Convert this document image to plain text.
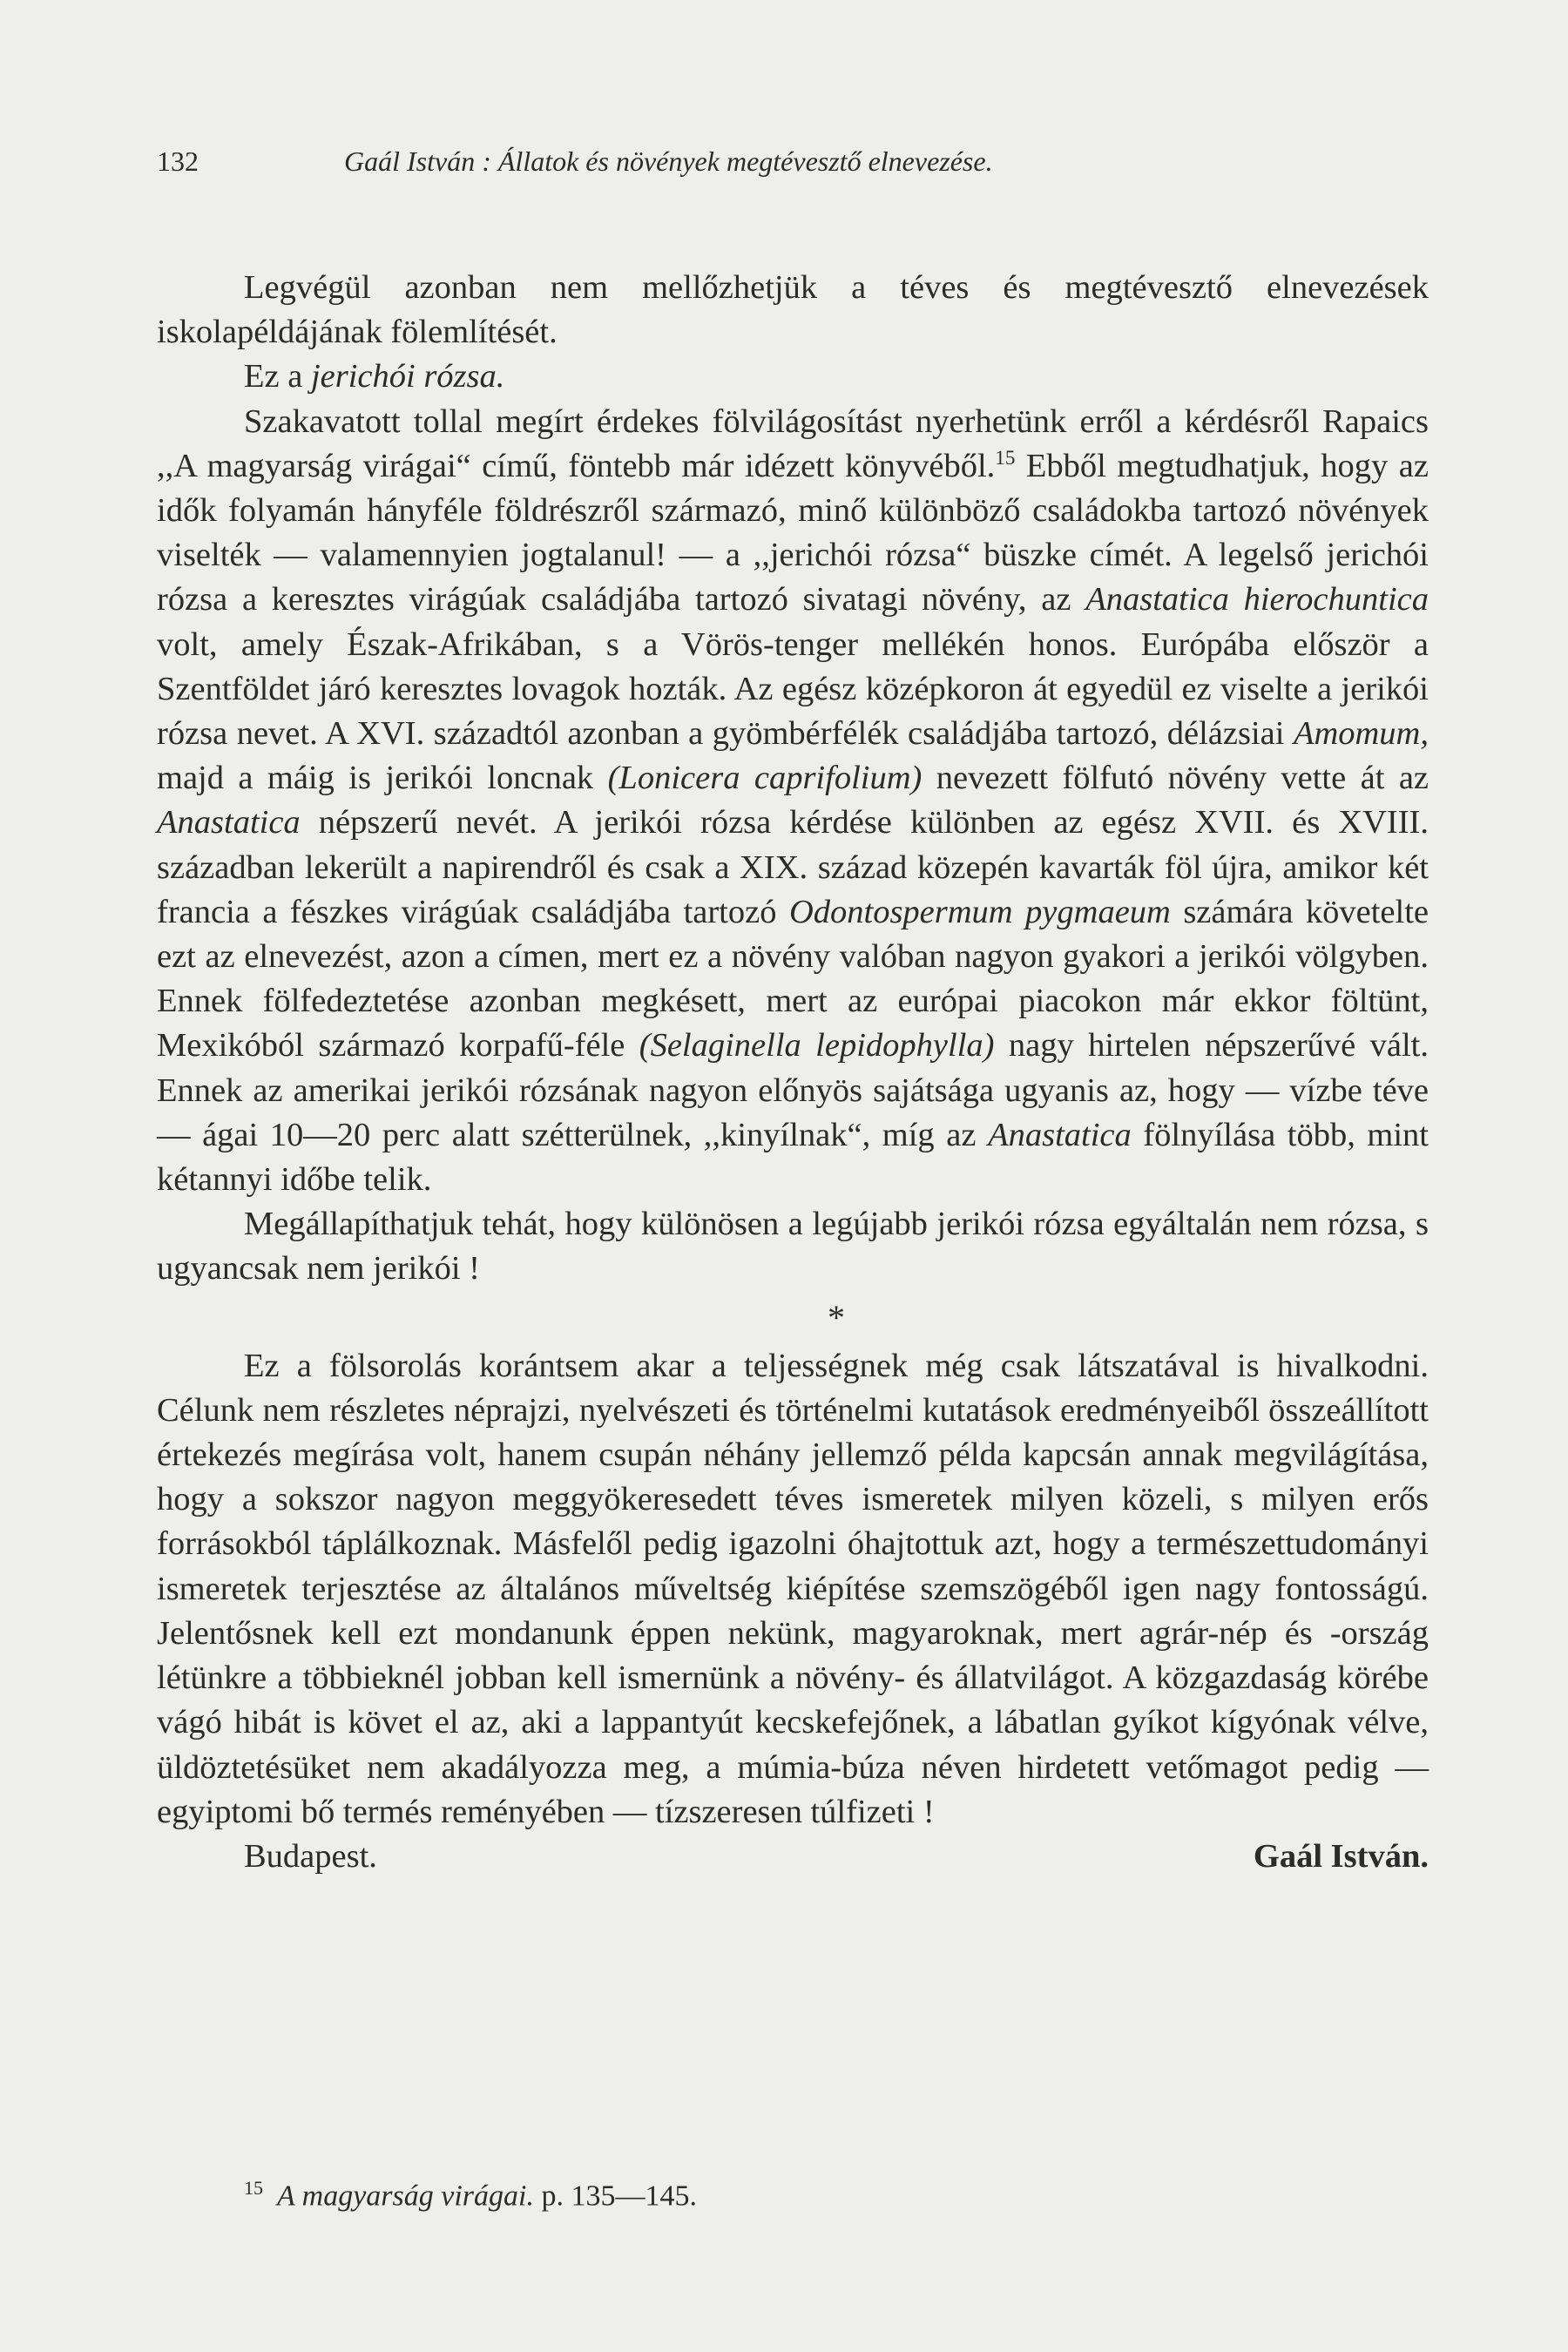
132	Gaál István : Állatok és növények megtévesztő elnevezése.

Legvégül azonban nem mellőzhetjük a téves és megtévesztő elnevezések iskolapéldájának fölemlítését.

Ez a jerichói rózsa.

Szakavatott tollal megírt érdekes fölvilágosítást nyerhetünk erről a kérdésről Rapaics ,,A magyarság virágai“ című, föntebb már idézett könyvéből.$^{15}$ Ebből megtudhatjuk, hogy az idők folyamán hányféle földrészről származó, minő különböző családokba tartozó növények viselték — valamennyien jogtalanul! — a ,,jerichói rózsa“ büszke címét. A legelső jerichói rózsa a keresztes virágúak családjába tartozó sivatagi növény, az Anastatica hierochuntica volt, amely Észak-Afrikában, s a Vörös-tenger mellékén honos. Európába először a Szentföldet járó keresztes lovagok hozták. Az egész középkoron át egyedül ez viselte a jerikói rózsa nevet. A XVI. századtól azonban a gyömbérfélék családjába tartozó, délázsiai Amomum, majd a máig is jerikói loncnak (Lonicera caprifolium) nevezett fölfutó növény vette át az Anastatica népszerű nevét. A jerikói rózsa kérdése különben az egész XVII. és XVIII. században lekerült a napirendről és csak a XIX. század közepén kavarták föl újra, amikor két francia a fészkes virágúak családjába tartozó Odontospermum pygmaeum számára követelte ezt az elnevezést, azon a címen, mert ez a növény valóban nagyon gyakori a jerikói völgyben. Ennek fölfedeztetése azonban megkésett, mert az európai piacokon már ekkor föltünt, Mexikóból származó korpafű-féle (Selaginella lepidophylla) nagy hirtelen népszerűvé vált. Ennek az amerikai jerikói rózsának nagyon előnyös sajátsága ugyanis az, hogy — vízbe téve — ágai 10—20 perc alatt szétterülnek, ,,kinyílnak“, míg az Anastatica fölnyílása több, mint kétannyi időbe telik.

Megállapíthatjuk tehát, hogy különösen a legújabb jerikói rózsa egyáltalán nem rózsa, s ugyancsak nem jerikói !

*

Ez a fölsorolás korántsem akar a teljességnek még csak látszatával is hivalkodni. Célunk nem részletes néprajzi, nyelvészeti és történelmi kutatások eredményeiből összeállított értekezés megírása volt, hanem csupán néhány jellemző példa kapcsán annak megvilágítása, hogy a sokszor nagyon meggyökeresedett téves ismeretek milyen közeli, s milyen erős forrásokból táplálkoznak. Másfelől pedig igazolni óhajtottuk azt, hogy a természettudományi ismeretek terjesztése az általános műveltség kiépítése szemszögéből igen nagy fontosságú. Jelentősnek kell ezt mondanunk éppen nekünk, magyaroknak, mert agrár-nép és -ország létünkre a többieknél jobban kell ismernünk a növény- és állatvilágot. A közgazdaság körébe vágó hibát is követ el az, aki a lappantyút kecskefejőnek, a lábatlan gyíkot kígyónak vélve, üldöztetésüket nem akadályozza meg, a múmia-búza néven hirdetett vetőmagot pedig — egyiptomi bő termés reményében — tízszeresen túlfizeti !

Budapest.	Gaál István.
$^{15}$ A magyarság virágai. p. 135—145.
